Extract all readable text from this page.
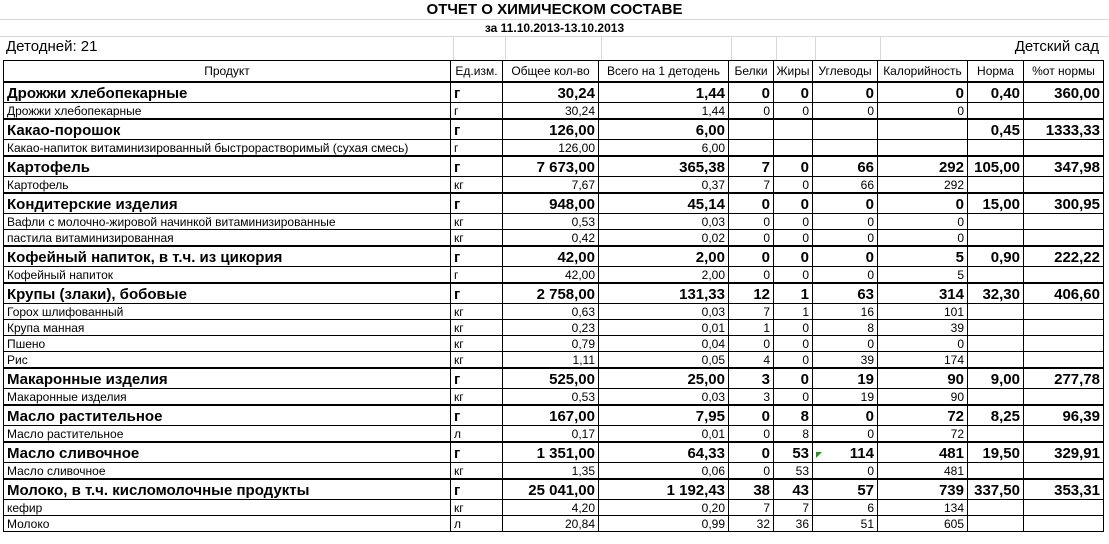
ОТЧЕТ О ХИМИЧЕСКОМ СОСТАВЕ
за 11.10.2013-13.10.2013
Детодней: 21	Детский сад
Продукт	Ед.изм.	Общее кол-во	Всего на 1 детодень	Белки	Жиры	Углеводы	Калорийность	Норма	%от нормы
Дрожжи хлебопекарные	г	30,24	1,44	0	0	0	0	0,40	360,00
Дрожжи хлебопекарные	г	30,24	1,44	0	0	0	0		
Какао-порошок	г	126,00	6,00					0,45	1333,33
Какао-напиток витаминизированный быстрорастворимый (сухая смесь)	г	126,00	6,00						
Картофель	г	7 673,00	365,38	7	0	66	292	105,00	347,98
Картофель	кг	7,67	0,37	7	0	66	292		
Кондитерские изделия	г	948,00	45,14	0	0	0	0	15,00	300,95
Вафли с молочно-жировой начинкой витаминизированные	кг	0,53	0,03	0	0	0	0		
пастила витаминизированная	кг	0,42	0,02	0	0	0	0		
Кофейный напиток, в т.ч. из цикория	г	42,00	2,00	0	0	0	5	0,90	222,22
Кофейный напиток	г	42,00	2,00	0	0	0	5		
Крупы (злаки), бобовые	г	2 758,00	131,33	12	1	63	314	32,30	406,60
Горох шлифованный	кг	0,63	0,03	7	1	16	101		
Крупа манная	кг	0,23	0,01	1	0	8	39		
Пшено	кг	0,79	0,04	0	0	0	0		
Рис	кг	1,11	0,05	4	0	39	174		
Макаронные изделия	г	525,00	25,00	3	0	19	90	9,00	277,78
Макаронные изделия	кг	0,53	0,03	3	0	19	90		
Масло растительное	г	167,00	7,95	0	8	0	72	8,25	96,39
Масло растительное	л	0,17	0,01	0	8	0	72		
Масло сливочное	г	1 351,00	64,33	0	53	114	481	19,50	329,91
Масло сливочное	кг	1,35	0,06	0	53	0	481		
Молоко, в т.ч. кисломолочные продукты	г	25 041,00	1 192,43	38	43	57	739	337,50	353,31
кефир	кг	4,20	0,20	7	7	6	134		
Молоко	л	20,84	0,99	32	36	51	605		
